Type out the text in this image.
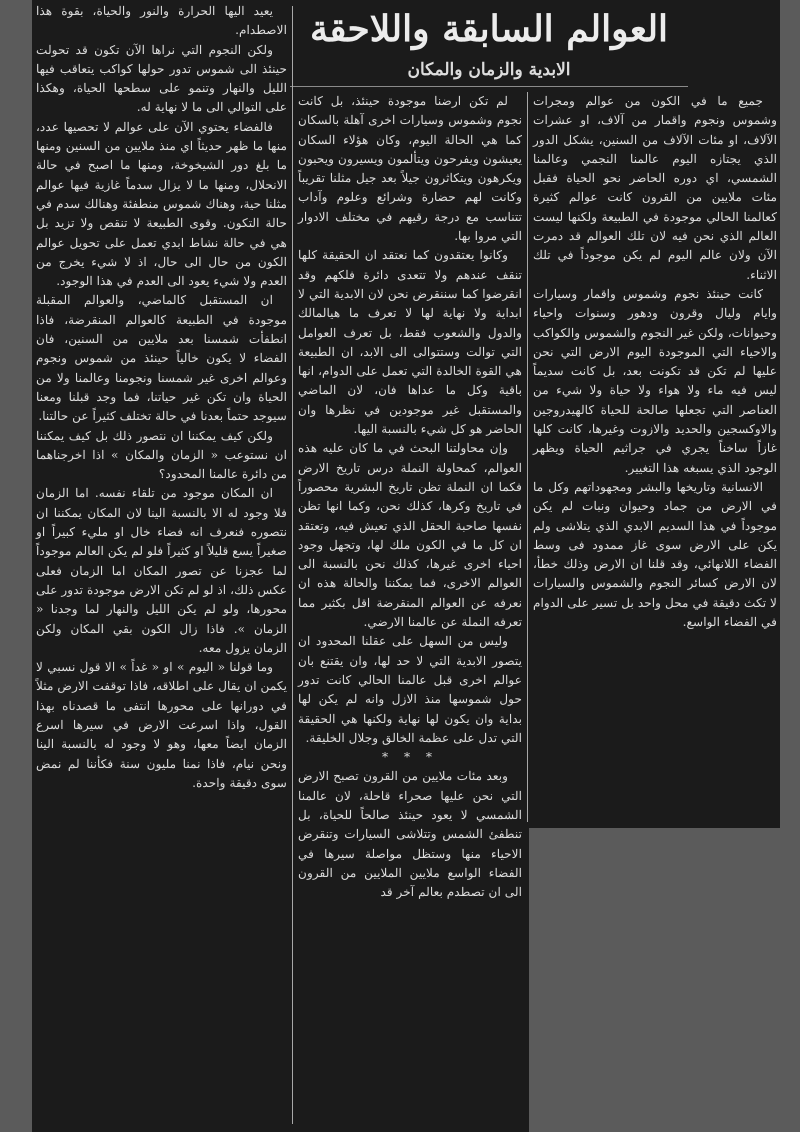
العوالم السابقة واللاحقة
الابدية والزمان والمكان

جميع ما في الكون من عوالم ومجرات وشموس ونجوم واقمار من آلاف، او عشرات الآلاف، او مئات الآلاف من السنين، يشكل الدور الذي يجتازه اليوم عالمنا النجمي وعالمنا الشمسي، اي دوره الحاضر نحو الحياة فقبل مئات ملايين من القرون كانت عوالم كثيرة كعالمنا الحالي موجودة في الطبيعة ولكنها ليست العالم الذي نحن فيه لان تلك العوالم قد دمرت الآن ولان عالم اليوم لم يكن موجوداً في تلك الاثناء.

كانت حينئذ نجوم وشموس واقمار وسيارات وايام وليال وقرون ودهور وسنوات واحياء وحيوانات، ولكن غير النجوم والشموس والكواكب والاحياء التي الموجودة اليوم الارض التي نحن عليها لم تكن قد تكونت بعد، بل كانت سديماً ليس فيه ماء ولا هواء ولا حياة ولا شيء من العناصر التي تجعلها صالحة للحياة كالهيدروجين والاوكسجين والحديد والازوت وغيرها، كانت كلها غازاً ساخناً يجري في جراثيم الحياة ويظهر الوجود الذي يسبغه هذا التغيير.

الانسانية وتاريخها والبشر ومجهوداتهم وكل ما في الارض من جماد وحيوان ونبات لم يكن موجوداً في هذا السديم الابدي الذي يتلاشى ولم يكن على الارض سوى غاز ممدود فى وسط الفضاء اللانهائي، وقد قلنا ان الارض وذلك خطأ، لان الارض كسائر النجوم والشموس والسيارات لا تكث دقيقة في محل واحد بل تسير على الدوام في الفضاء الواسع.

لم تكن ارضنا موجودة حينئذ، بل كانت نجوم وشموس وسيارات اخرى آهلة بالسكان كما هي الحالة اليوم، وكان هؤلاء السكان يعيشون ويفرحون ويتألمون ويسيرون ويحبون ويكرهون ويتكاثرون جيلاً بعد جيل مثلنا تقريباً وكانت لهم حضارة وشرائع وعلوم وآداب تتناسب مع درجة رقيهم في مختلف الادوار التي مروا بها.

وكانوا يعتقدون كما نعتقد ان الحقيقة كلها تنقف عندهم ولا تتعدى دائرة فلكهم وقد انقرضوا كما سننقرض نحن لان الابدية التي لا ابداية ولا نهاية لها لا تعرف ما هيالمالك والدول والشعوب فقط، بل تعرف العوامل التي توالت وستتوالى الى الابد، ان الطبيعة هي القوة الخالدة التي تعمل على الدوام، انها باقية وكل ما عداها فان، لان الماضي والمستقبل غير موجودين في نظرها وان الحاضر هو كل شيء بالنسبة اليها.

وإن محاولتنا البحث في ما كان عليه هذه العوالم، كمحاولة النملة درس تاريخ الارض فكما ان النملة تظن تاريخ البشرية محصوراً في تاريخ وكرها، كذلك نحن، وكما انها تظن نفسها صاحبة الحقل الذي تعيش فيه، وتعتقد ان كل ما في الكون ملك لها، وتجهل وجود احياء اخرى غيرها، كذلك نحن بالنسبة الى العوالم الاخرى، فما يمكننا والحالة هذه ان نعرفه عن العوالم المنقرضة اقل بكثير مما تعرفه النملة عن عالمنا الارضي.

وليس من السهل على عقلنا المحدود ان يتصور الابدية التي لا حد لها، وان يقتنع بان عوالم اخرى قبل عالمنا الحالي كانت تدور حول شموسها منذ الازل وانه لم يكن لها بداية وان يكون لها نهاية ولكنها هي الحقيقة التي تدل على عظمة الخالق وجلال الخليقة.

* * *

وبعد مئات ملايين من القرون تصبح الارض التي نحن عليها صحراء قاحلة، لان عالمنا الشمسي لا يعود حينئذ صالحاً للحياة، بل تنطفئ الشمس وتتلاشى السيارات وتنقرض الاحياء منها وستظل مواصلة سيرها في الفضاء الواسع ملايين الملايين من القرون الى ان تصطدم بعالم آخر قد

يعيد اليها الحرارة والنور والحياة، بقوة هذا الاصطدام.

ولكن النجوم التي نراها الآن تكون قد تحولت حينئذ الى شموس تدور حولها كواكب يتعاقب فيها الليل والنهار وتنمو على سطحها الحياة، وهكذا على التوالي الى ما لا نهاية له.

فالفضاء يحتوي الآن على عوالم لا تحصيها عدد، منها ما ظهر حديثاً اي منذ ملايين من السنين ومنها ما بلغ دور الشيخوخة، ومنها ما اصبح في حالة الانحلال، ومنها ما لا يزال سدماً غازية فيها عوالم مثلنا حية، وهناك شموس منطفئة وهنالك سدم في حالة التكون. وقوى الطبيعة لا تنقص ولا تزيد بل هي في حالة نشاط ابدي تعمل على تحويل عوالم الكون من حال الى حال، اذ لا شيء يخرج من العدم ولا شيء يعود الى العدم في هذا الوجود.

ان المستقبل كالماضي، والعوالم المقبلة موجودة في الطبيعة كالعوالم المنقرضة، فاذا انطفأت شمسنا بعد ملايين من السنين، فان الفضاء لا يكون خالياً حينئذ من شموس ونجوم وعوالم اخرى غير شمسنا ونجومنا وعالمنا ولا من الحياة وان تكن غير حياتنا، فما وجد قبلنا ومعنا سيوجد حتماً بعدنا في حالة تختلف كثيراً عن حالتنا.

ولكن كيف يمكننا ان نتصور ذلك بل كيف يمكننا ان نستوعب « الزمان والمكان » اذا اخرجناهما من دائرة عالمنا المحدود؟

ان المكان موجود من تلقاء نفسه. اما الزمان فلا وجود له الا بالنسبة الينا لان المكان يمكننا ان نتصوره فنعرف انه فضاء خال او مليء كبيراً او صغيراً يسع قليلاً او كثيراً فلو لم يكن العالم موجوداً لما عجزنا عن تصور المكان اما الزمان فعلى عكس ذلك، اذ لو لم تكن الارض موجودة تدور على محورها، ولو لم يكن الليل والنهار لما وجدنا « الزمان ». فاذا زال الكون بقي المكان ولكن الزمان يزول معه.

وما قولنا « اليوم » او « غداً » الا قول نسبي لا يكمن ان يقال على اطلاقه، فاذا توقفت الارض مثلاً في دورانها على محورها انتفى ما قصدناه بهذا القول، واذا اسرعت الارض في سيرها اسرع الزمان ايضاً معها، وهو لا وجود له بالنسبة الينا ونحن نيام، فاذا نمنا مليون سنة فكأننا لم نمض سوى دقيقة واحدة.
